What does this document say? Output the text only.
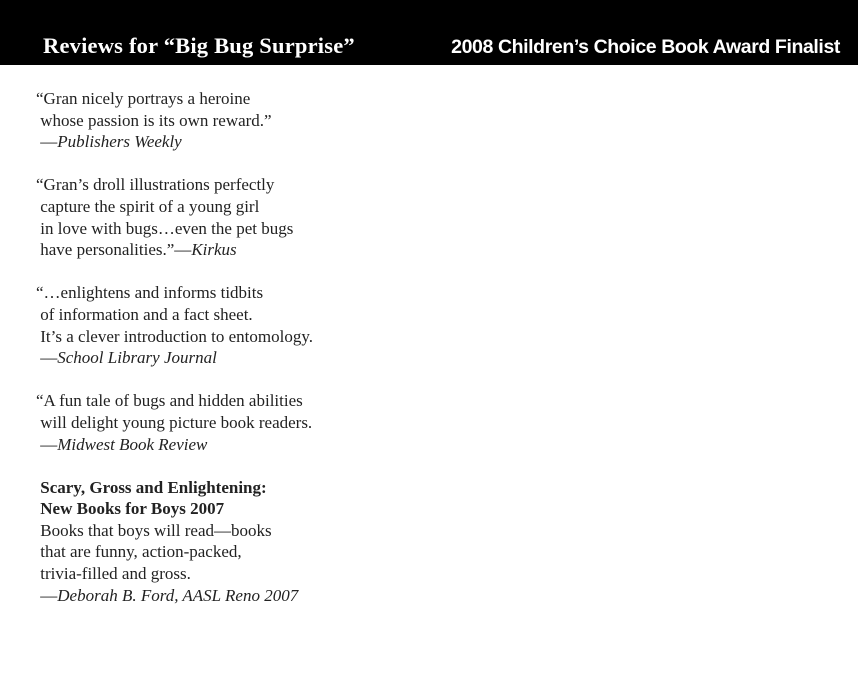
Reviews for “Big Bug Surprise”	2008 Children’s Choice Book Award Finalist
“Gran nicely portrays a heroine
whose passion is its own reward.”
—Publishers Weekly
“Gran’s droll illustrations perfectly
capture the spirit of a young girl
in love with bugs…even the pet bugs
have personalities.”—Kirkus
“…enlightens and informs tidbits
of information and a fact sheet.
It’s a clever introduction to entomology.
—School Library Journal
“A fun tale of bugs and hidden abilities
will delight young picture book readers.
—Midwest Book Review
Scary, Gross and Enlightening:
New Books for Boys 2007
Books that boys will read—books
that are funny, action-packed,
trivia-filled and gross.
—Deborah B. Ford, AASL Reno 2007
